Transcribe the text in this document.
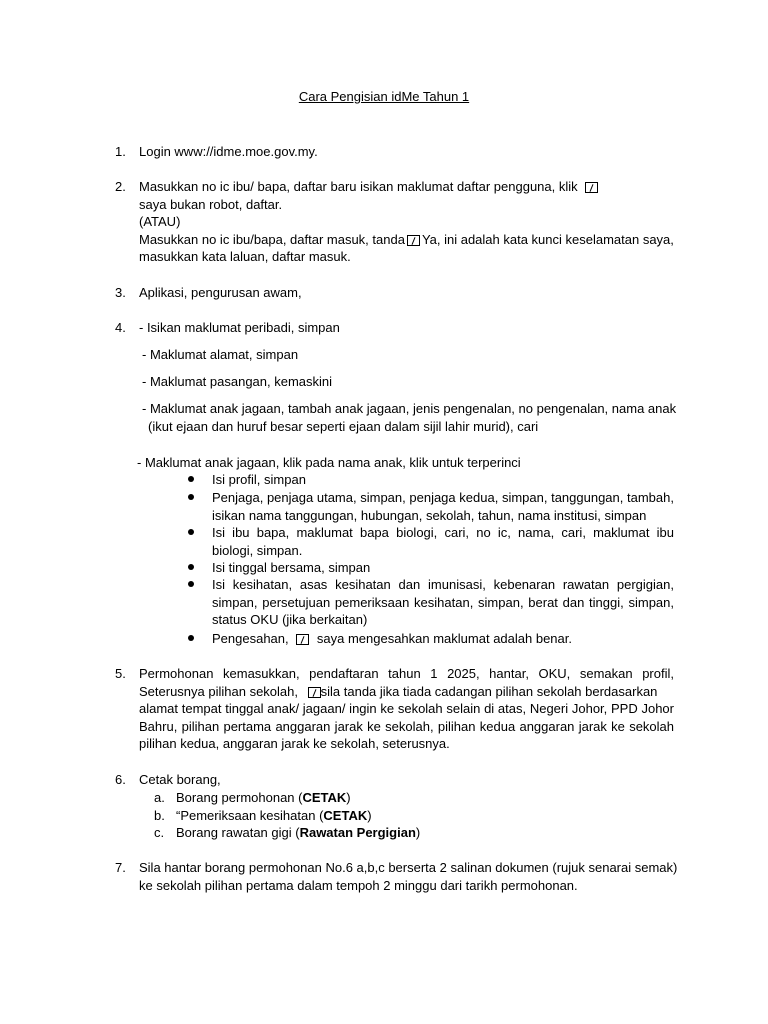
Cara Pengisian idMe Tahun 1
1. Login www://idme.moe.gov.my.
2. Masukkan no ic ibu/ bapa, daftar baru isikan maklumat daftar pengguna, klik
saya bukan robot, daftar.
(ATAU)
Masukkan no ic ibu/bapa, daftar masuk, tanda Ya, ini adalah kata kunci keselamatan saya,
masukkan kata laluan, daftar masuk.
3. Aplikasi, pengurusan awam,
4. - Isikan maklumat peribadi, simpan
- Maklumat alamat, simpan
- Maklumat pasangan, kemaskini
- Maklumat anak jagaan, tambah anak jagaan, jenis pengenalan, no pengenalan, nama anak
(ikut ejaan dan huruf besar seperti ejaan dalam sijil lahir murid), cari
- Maklumat anak jagaan, klik pada nama anak, klik untuk terperinci
Isi profil, simpan
Penjaga, penjaga utama, simpan, penjaga kedua, simpan, tanggungan, tambah,
isikan nama tanggungan, hubungan, sekolah, tahun, nama institusi, simpan
Isi ibu bapa, maklumat bapa biologi, cari, no ic, nama, cari, maklumat ibu
biologi, simpan.
Isi tinggal bersama, simpan
Isi kesihatan, asas kesihatan dan imunisasi, kebenaran rawatan pergigian,
simpan, persetujuan pemeriksaan kesihatan, simpan, berat dan tinggi, simpan,
status OKU (jika berkaitan)
Pengesahan, saya mengesahkan maklumat adalah benar.
5. Permohonan kemasukkan, pendaftaran tahun 1 2025, hantar, OKU, semakan profil,
Seterusnya pilihan sekolah, sila tanda jika tiada cadangan pilihan sekolah berdasarkan
alamat tempat tinggal anak/ jagaan/ ingin ke sekolah selain di atas, Negeri Johor, PPD Johor
Bahru, pilihan pertama anggaran jarak ke sekolah, pilihan kedua anggaran jarak ke sekolah
pilihan kedua, anggaran jarak ke sekolah, seterusnya.
6. Cetak borang,
a. Borang permohonan (CETAK)
b. “Pemeriksaan kesihatan (CETAK)
c. Borang rawatan gigi (Rawatan Pergigian)
7. Sila hantar borang permohonan No.6 a,b,c berserta 2 salinan dokumen (rujuk senarai semak)
ke sekolah pilihan pertama dalam tempoh 2 minggu dari tarikh permohonan.
